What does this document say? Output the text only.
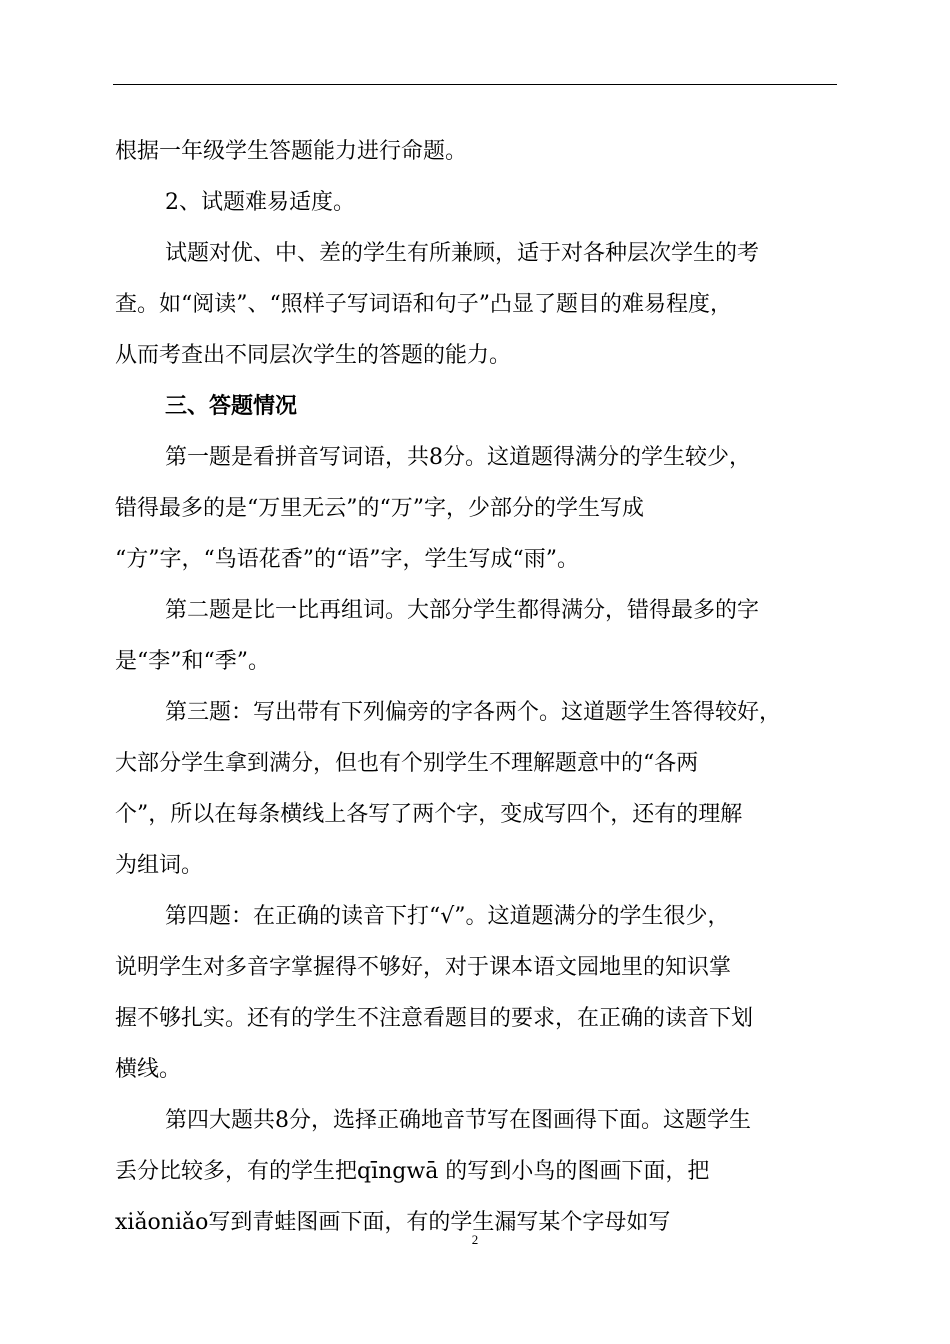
根据一年级学生答题能力进行命题。
2、试题难易适度。
试题对优、中、差的学生有所兼顾，适于对各种层次学生的考
查。如“阅读”、“照样子写词语和句子”凸显了题目的难易程度，
从而考查出不同层次学生的答题的能力。
三、答题情况
第一题是看拼音写词语，共8分。这道题得满分的学生较少，
错得最多的是“万里无云”的“万”字，少部分的学生写成
“方”字，“鸟语花香”的“语”字，学生写成“雨”。
第二题是比一比再组词。大部分学生都得满分，错得最多的字
是“李”和“季”。
第三题：写出带有下列偏旁的字各两个。这道题学生答得较好，
大部分学生拿到满分，但也有个别学生不理解题意中的“各两
个”，所以在每条横线上各写了两个字，变成写四个，还有的理解
为组词。
第四题：在正确的读音下打“√”。这道题满分的学生很少，
说明学生对多音字掌握得不够好，对于课本语文园地里的知识掌
握不够扎实。还有的学生不注意看题目的要求，在正确的读音下划
横线。
第四大题共8分，选择正确地音节写在图画得下面。这题学生
丢分比较多，有的学生把qīngwā 的写到小鸟的图画下面，把
xiǎoniǎo写到青蛙图画下面，有的学生漏写某个字母如写
2
